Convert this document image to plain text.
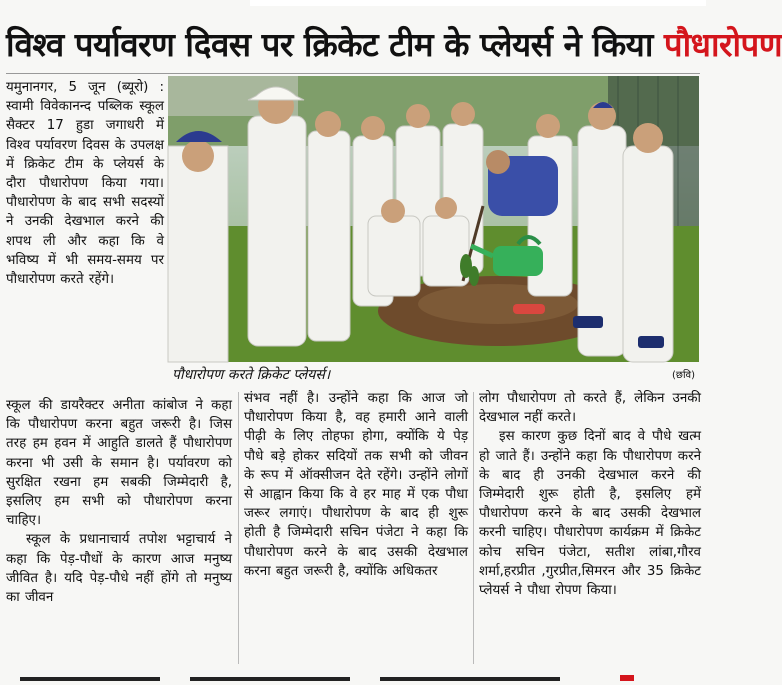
विश्व पर्यावरण दिवस पर क्रिकेट टीम के प्लेयर्स ने किया पौधारोपण

यमुनानगर, 5 जून (ब्यूरो) : स्वामी विवेकानन्द पब्लिक स्कूल सैक्टर 17 हुडा जगाधरी में विश्व पर्यावरण दिवस के उपलक्ष में क्रिकेट टीम के प्लेयर्स के दौरा पौधारोपण किया गया। पौधारोपण के बाद सभी सदस्यों ने उनकी देखभाल करने की शपथ ली और कहा कि वे भविष्य में भी समय-समय पर पौधारोपण करते रहेंगे।

पौधारोपण करते क्रिकेट प्लेयर्स।	(छवि)

स्कूल की डायरैक्टर अनीता कांबोज ने कहा कि पौधारोपण करना बहुत जरूरी है। जिस तरह हम हवन में आहुति डालते हैं पौधारोपण करना भी उसी के समान है। पर्यावरण को सुरक्षित रखना हम सबकी जिम्मेदारी है, इसलिए हम सभी को पौधारोपण करना चाहिए।

स्कूल के प्रधानाचार्य तपोश भट्टाचार्य ने कहा कि पेड़-पौधों के कारण आज मनुष्य जीवित है। यदि पेड़-पौधे नहीं होंगे तो मनुष्य का जीवन

संभव नहीं है। उन्होंने कहा कि आज जो पौधारोपण किया है, वह हमारी आने वाली पीढ़ी के लिए तोहफा होगा, क्योंकि ये पेड़ पौधे बड़े होकर सदियों तक सभी को जीवन के रूप में ऑक्सीजन देते रहेंगे। उन्होंने लोगों से आह्वान किया कि वे हर माह में एक पौधा जरूर लगाएं। पौधारोपण के बाद ही शुरू होती है जिम्मेदारी सचिन पंजेटा ने कहा कि पौधारोपण करने के बाद उसकी देखभाल करना बहुत जरूरी है, क्योंकि अधिकतर

लोग पौधारोपण तो करते हैं, लेकिन उनकी देखभाल नहीं करते।

इस कारण कुछ दिनों बाद वे पौधे खत्म हो जाते हैं। उन्होंने कहा कि पौधारोपण करने के बाद ही उनकी देखभाल करने की जिम्मेदारी शुरू होती है, इसलिए हमें पौधारोपण करने के बाद उसकी देखभाल करनी चाहिए। पौधारोपण कार्यक्रम में क्रिकेट कोच सचिन पंजेटा, सतीश लांबा,गौरव शर्मा,हरप्रीत ,गुरप्रीत,सिमरन और 35 क्रिकेट प्लेयर्स ने पौधा रोपण किया।
